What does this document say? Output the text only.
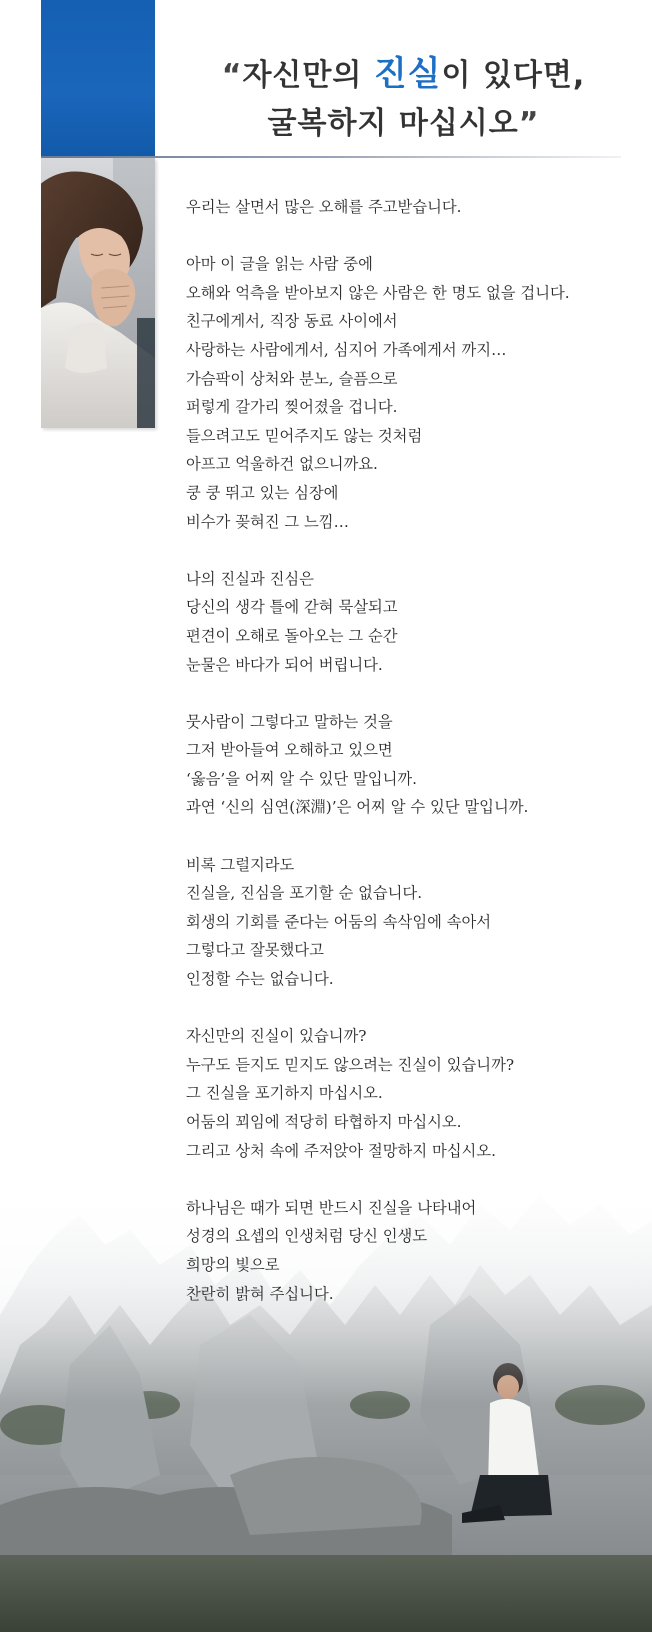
“자신만의 진실이 있다면,
굴복하지 마십시오”

우리는 살면서 많은 오해를 주고받습니다.

아마 이 글을 읽는 사람 중에
오해와 억측을 받아보지 않은 사람은 한 명도 없을 겁니다.
친구에게서, 직장 동료 사이에서
사랑하는 사람에게서, 심지어 가족에게서 까지…
가슴팍이 상처와 분노, 슬픔으로
퍼렇게 갈가리 찢어졌을 겁니다.
들으려고도 믿어주지도 않는 것처럼
아프고 억울하건 없으니까요.
쿵 쿵 뛰고 있는 심장에
비수가 꽂혀진 그 느낌…

나의 진실과 진심은
당신의 생각 틀에 갇혀 묵살되고
편견이 오해로 돌아오는 그 순간
눈물은 바다가 되어 버립니다.

뭇사람이 그렇다고 말하는 것을
그저 받아들여 오해하고 있으면
‘옳음’을 어찌 알 수 있단 말입니까.
과연 ‘신의 심연(深淵)’은 어찌 알 수 있단 말입니까.

비록 그럴지라도
진실을, 진심을 포기할 순 없습니다.
회생의 기회를 준다는 어둠의 속삭임에 속아서
그렇다고 잘못했다고
인정할 수는 없습니다.

자신만의 진실이 있습니까?
누구도 듣지도 믿지도 않으려는 진실이 있습니까?
그 진실을 포기하지 마십시오.
어둠의 꾀임에 적당히 타협하지 마십시오.
그리고 상처 속에 주저앉아 절망하지 마십시오.

하나님은 때가 되면 반드시 진실을 나타내어
성경의 요셉의 인생처럼 당신 인생도
희망의 빛으로
찬란히 밝혀 주십니다.
